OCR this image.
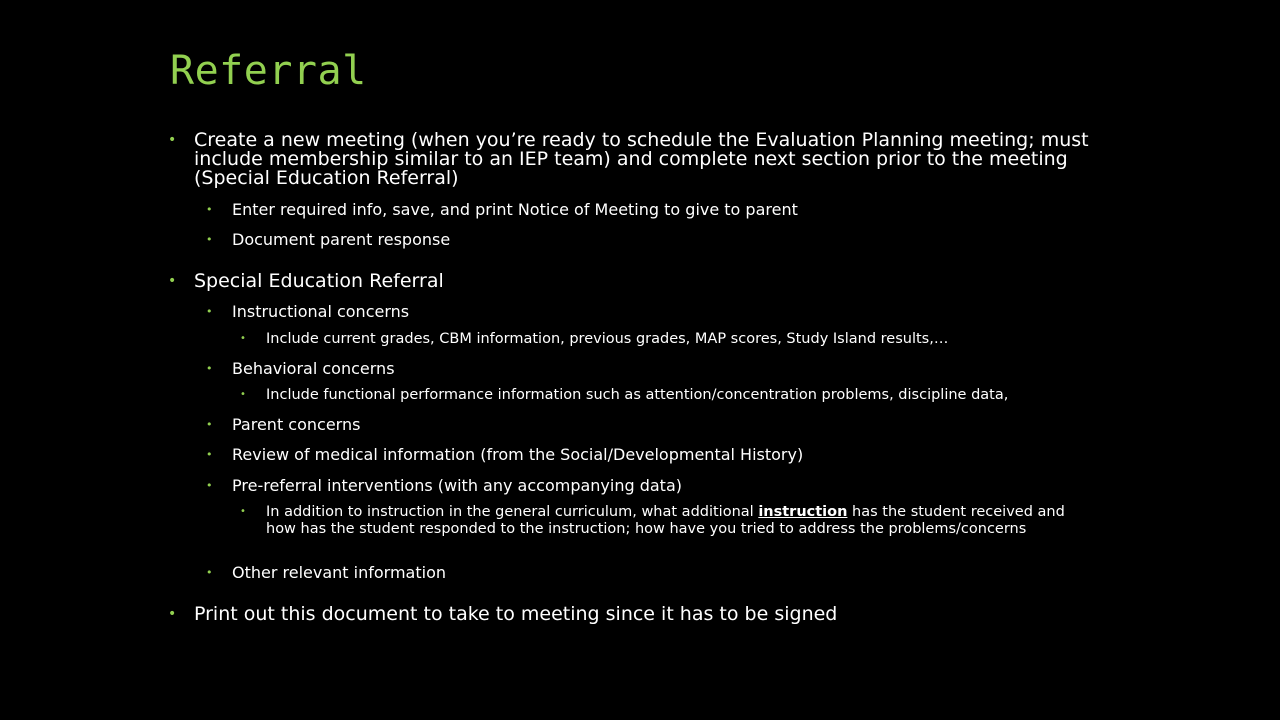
Referral
• Create a new meeting (when you’re ready to schedule the Evaluation Planning meeting; must include membership similar to an IEP team) and complete next section prior to the meeting (Special Education Referral)
•	Enter required info, save, and print Notice of Meeting to give to parent
•	Document parent response
• Special Education Referral
•	Instructional concerns
•	Include current grades, CBM information, previous grades, MAP scores, Study Island results,…
•	Behavioral concerns
•	Include functional performance information such as attention/concentration problems, discipline data,
•	Parent concerns
•	Review of medical information (from the Social/Developmental History)
•	Pre-referral interventions (with any accompanying data)
•	In addition to instruction in the general curriculum, what additional instruction has the student received and how has the student responded to the instruction; how have you tried to address the problems/concerns
•	Other relevant information
• Print out this document to take to meeting since it has to be signed
